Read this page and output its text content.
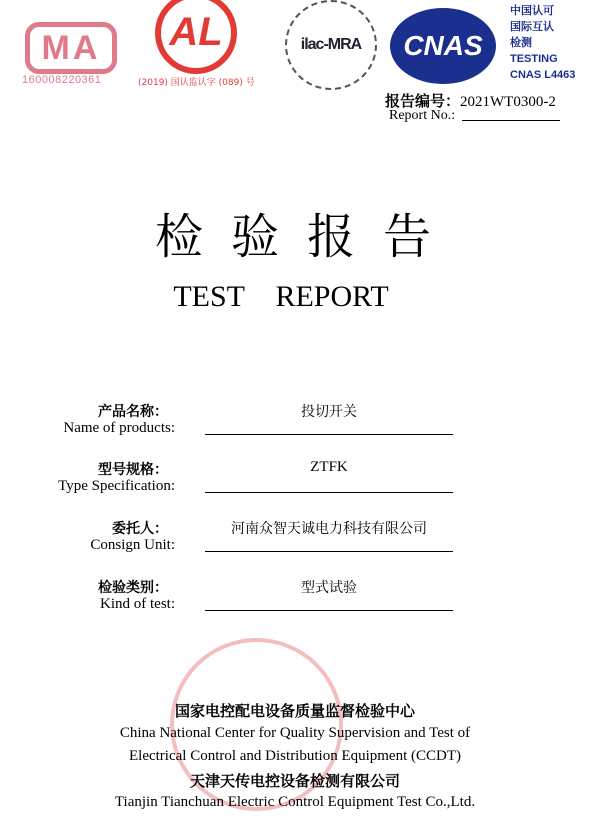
MA
160008220361
AL
(2019) 国认监认字 (089) 号
ilac-MRA	CNAS
中国认可
国际互认
检测
TESTING
CNAS L4463
报告编号：2021WT0300-2
Report No.:
检验报告
TEST  REPORT
产品名称：
Name of products:
投切开关
型号规格：
Type Specification:
ZTFK
委托人：
Consign Unit:
河南众智天诚电力科技有限公司
检验类别：
Kind of test:
型式试验
国家电控配电设备质量监督检验中心
China National Center for Quality Supervision and Test of
Electrical Control and Distribution Equipment (CCDT)
天津天传电控设备检测有限公司
Tianjin Tianchuan Electric Control Equipment Test Co.,Ltd.
